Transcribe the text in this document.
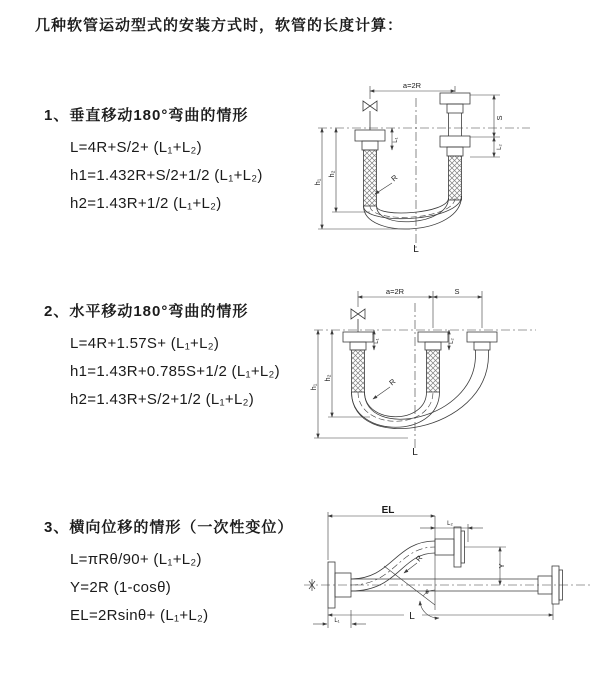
几种软管运动型式的安装方式时，软管的长度计算：
1、垂直移动180°弯曲的情形
L=4R+S/2+ (L₁+L₂)
h1=1.432R+S/2+1/2 (L₁+L₂)
h2=1.43R+1/2 (L₁+L₂)
2、水平移动180°弯曲的情形
L=4R+1.57S+ (L₁+L₂)
h1=1.43R+0.785S+1/2 (L₁+L₂)
h2=1.43R+S/2+1/2 (L₁+L₂)
3、横向位移的情形（一次性变位）
L=πRθ/90+ (L₁+L₂)
Y=2R (1-cosθ)
EL=2Rsinθ+ (L₁+L₂)
a=2R
h₁
h₂
S
L₂
L₁
R
L
a=2R	S
h₁
h₂
L₁	L₂
R
L
EL
L₂
Y
R
θ
L
L₁
